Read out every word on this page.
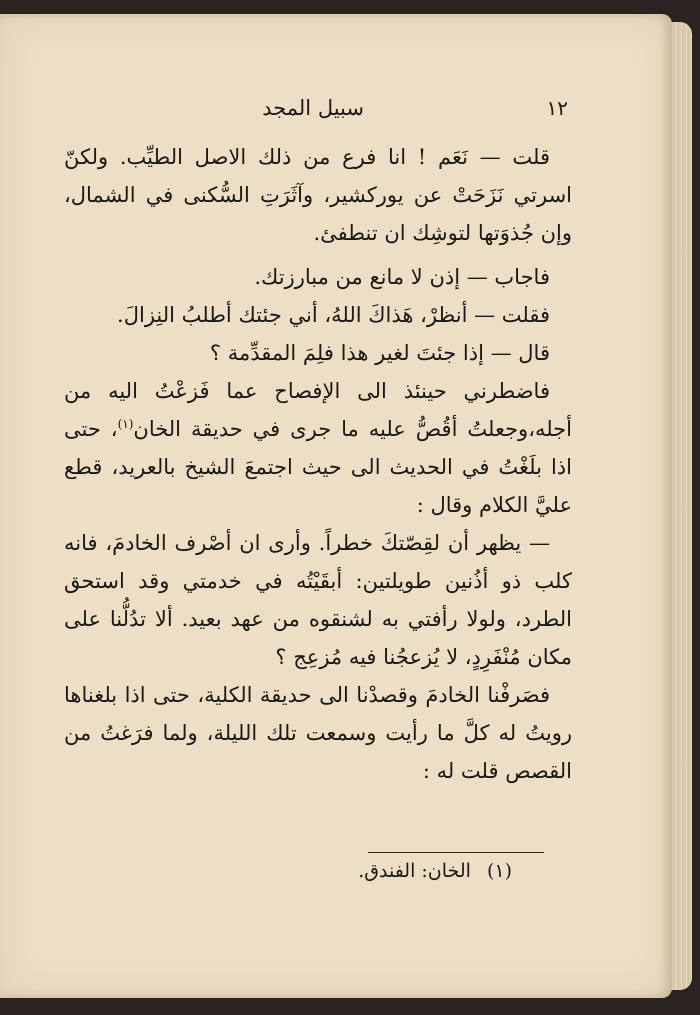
١٢
سبيل المجد

قلت — نَعَم ! انا فرع من ذلك الاصل الطيِّب. ولكنّ اسرتي نَزَحَتْ عن يوركشير، وآثَرَتِ السُّكنى في الشمال، وإن جُذوَتها لتوشِك ان تنطفئ.

فاجاب — إذن لا مانع من مبارزتك.

فقلت — أنظرْ، هَذاكَ اللهُ، أني جئتك أطلبُ النِزالَ.

قال — إذا جئتَ لغير هذا فلِمَ المقدِّمة ؟

فاضطرني حينئذ الى الإفصاح عما فَزعْتُ اليه من أجله،وجعلتُ أقُصُّ عليه ما جرى في حديقة الخان$^{(١)}$، حتى اذا بلَغْتُ في الحديث الى حيث اجتمعَ الشيخ بالعريد، قطع عليَّ الكلام وقال :

— يظهر أن لقِصّتكَ خطراً. وأرى ان أصْرف الخادمَ، فانه كلب ذو أذُنين طويلتين: أبقَيْتُه في خدمتي وقد استحق الطرد، ولولا رأفتي به لشنقوه من عهد بعيد. ألا تدُلُّنا على مكان مُنْفَرِدٍ، لا يُزعجُنا فيه مُزعِج ؟

فصَرفْنا الخادمَ وقصدْنا الى حديقة الكلية، حتى اذا بلغناها رويتُ له كلَّ ما رأيت وسمعت تلك الليلة، ولما فرَغتُ من القصص قلت له :

(١) الخان: الفندق.
